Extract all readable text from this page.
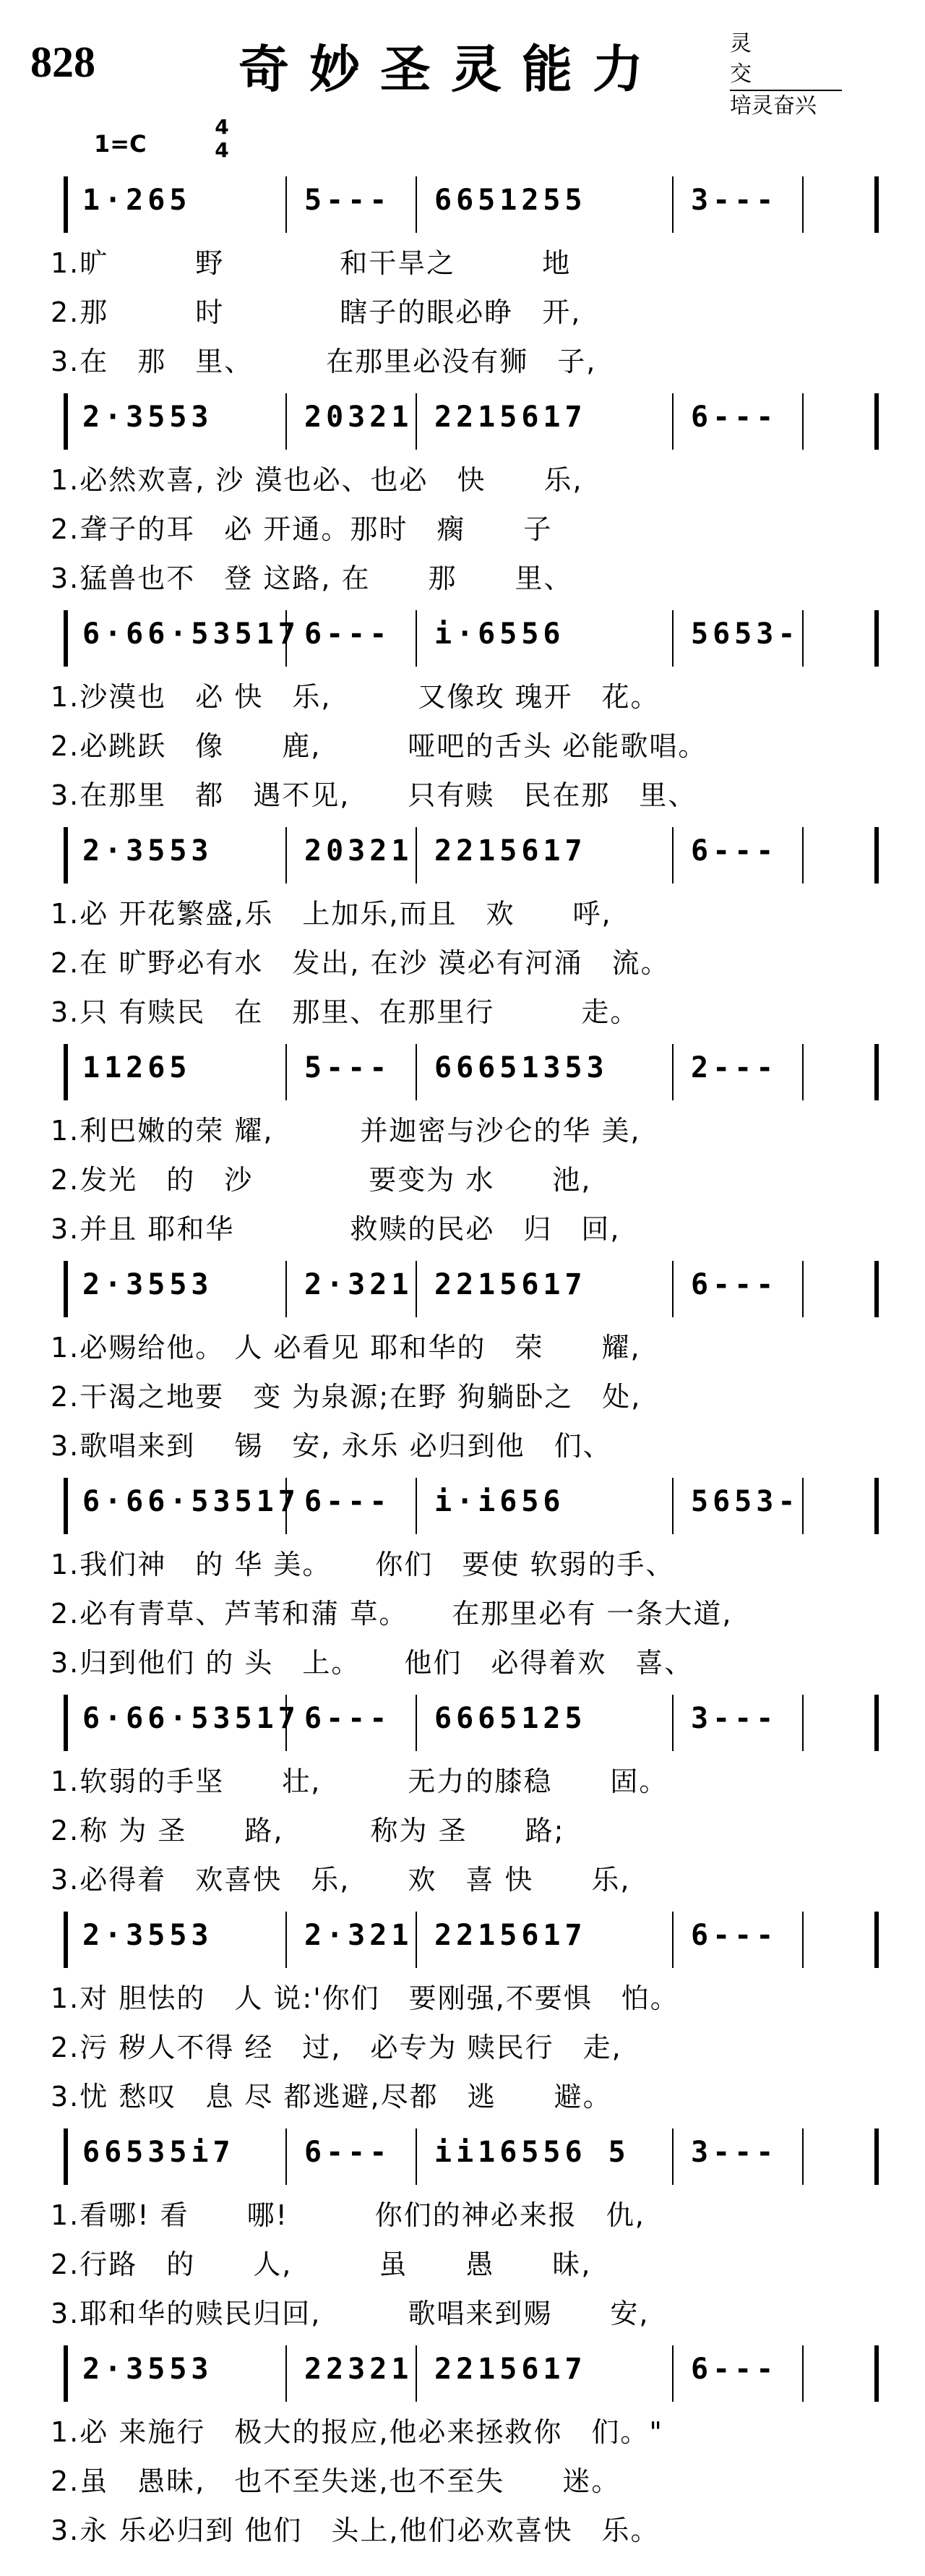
828	奇妙圣灵能力	灵 交
培灵奋兴
1=C
4
4
1·265	5--- 6651255	3---
1.旷　　　野　　　　和干旱之　　　地
2.那　　　时　　　　瞎子的眼必睁　开,
3.在　那　里、　　　在那里必没有狮　子,
2·3553	20321 2215617	6---
1.必然欢喜, 沙 漠也必、也必　快　　乐,
2.聋子的耳　必 开通。那时　瘸　　子
3.猛兽也不　登 这路, 在　　那　　里、
6·66·53517 6--- i·6556	5653-
1.沙漠也　必 快　乐,　　　又像玫 瑰开　花。
2.必跳跃　像　　鹿,　　　哑吧的舌头 必能歌唱。
3.在那里　都　遇不见,　　只有赎　民在那　里、
2·3553	20321 2215617	6---
1.必 开花繁盛,乐　上加乐,而且　欢　　呼,
2.在 旷野必有水　发出, 在沙 漠必有河涌　流。
3.只 有赎民　在　那里、在那里行　　　走。
11265	5--- 66651353	2---
1.利巴嫩的荣 耀,　　　并迦密与沙仑的华 美,
2.发光　的　沙　　　　要变为 水　　池,
3.并且 耶和华　　　　救赎的民必　归　回,
2·3553	2·321 2215617	6---
1.必赐给他。 人 必看见 耶和华的　荣　　耀,
2.干渴之地要　变 为泉源;在野 狗躺卧之　处,
3.歌唱来到　 锡　安, 永乐 必归到他　们、
6·66·53517 6--- i·i656	5653-
1.我们神　的 华 美。　　你们　要使 软弱的手、
2.必有青草、芦苇和蒲 草。　　在那里必有 一条大道,
3.归到他们 的 头　上。　　他们　必得着欢　喜、
6·66·53517 6--- 6665125	3---
1.软弱的手坚　　壮,　　　无力的膝稳　　固。
2.称 为 圣　　路,　　　称为 圣　　路;
3.必得着　欢喜快　乐,　　欢　喜 快　　乐,
2·3553	2·321 2215617	6---
1.对 胆怯的　人 说:'你们　要刚强,不要惧　怕。
2.污 秽人不得 经　过,　必专为 赎民行　走,
3.忧 愁叹　息 尽 都逃避,尽都　逃　　避。
66535i7 6--- ii16556 5 3---
1.看哪! 看　　哪!　　　你们的神必来报　仇,
2.行路　的　　人,　　　虽　　愚　　昧,
3.耶和华的赎民归回,　　　歌唱来到赐　　安,
2·3553	22321 2215617	6---
1.必 来施行　极大的报应,他必来拯救你　们。"
2.虽　愚昧,　也不至失迷,也不至失　　迷。
3.永 乐必归到 他们　头上,他们必欢喜快　乐。
